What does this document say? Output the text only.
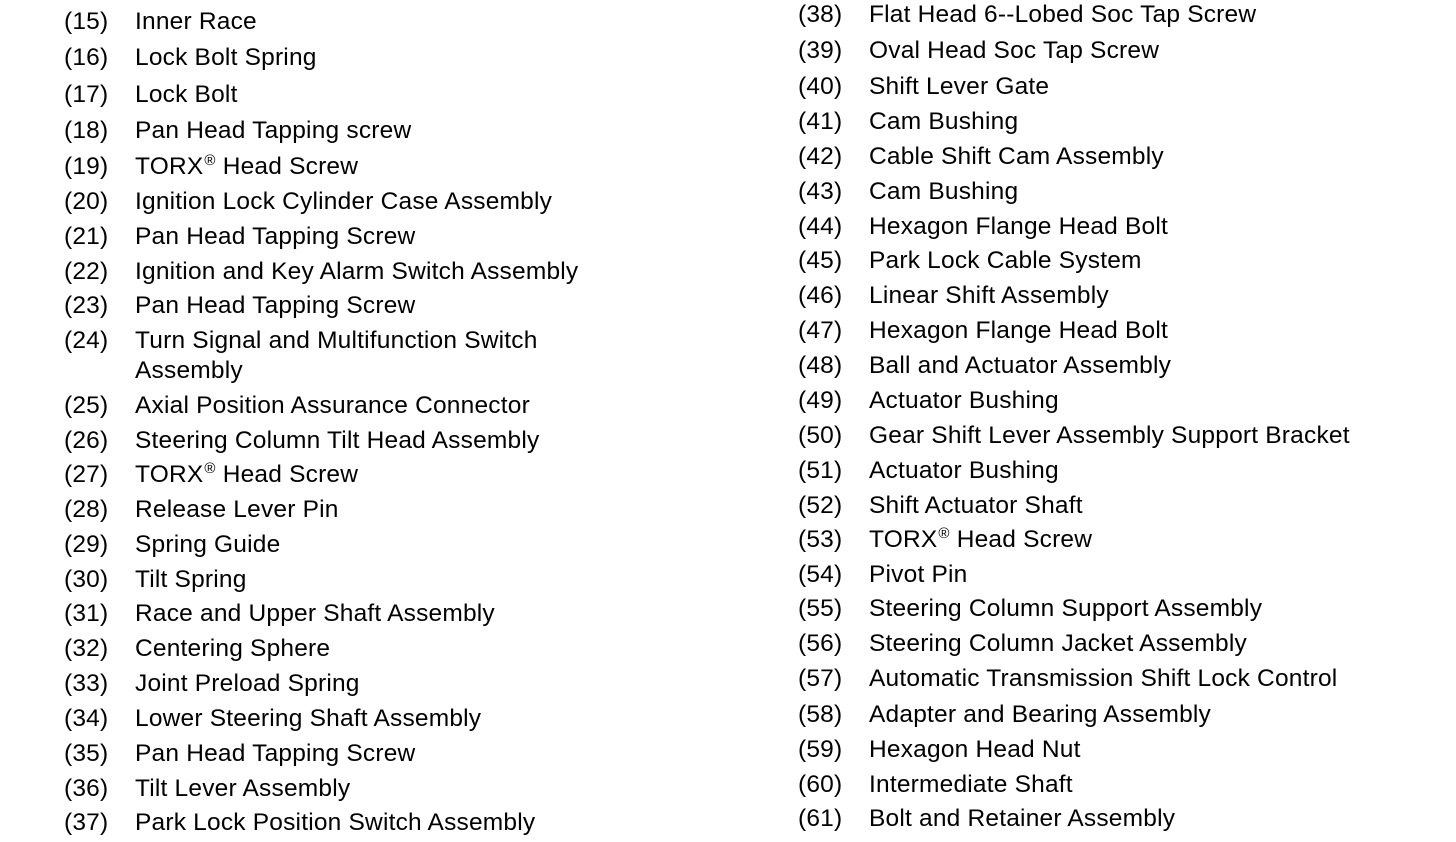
(15)	Inner Race
(16)	Lock Bolt Spring
(17)	Lock Bolt
(18)	Pan Head Tapping screw
(19)	TORX® Head Screw
(20)	Ignition Lock Cylinder Case Assembly
(21)	Pan Head Tapping Screw
(22)	Ignition and Key Alarm Switch Assembly
(23)	Pan Head Tapping Screw
(24)	Turn Signal and Multifunction Switch
Assembly
(25)	Axial Position Assurance Connector
(26)	Steering Column Tilt Head Assembly
(27)	TORX® Head Screw
(28)	Release Lever Pin
(29)	Spring Guide
(30)	Tilt Spring
(31)	Race and Upper Shaft Assembly
(32)	Centering Sphere
(33)	Joint Preload Spring
(34)	Lower Steering Shaft Assembly
(35)	Pan Head Tapping Screw
(36)	Tilt Lever Assembly
(37)	Park Lock Position Switch Assembly
(38)	Flat Head 6--Lobed Soc Tap Screw
(39)	Oval Head Soc Tap Screw
(40)	Shift Lever Gate
(41)	Cam Bushing
(42)	Cable Shift Cam Assembly
(43)	Cam Bushing
(44)	Hexagon Flange Head Bolt
(45)	Park Lock Cable System
(46)	Linear Shift Assembly
(47)	Hexagon Flange Head Bolt
(48)	Ball and Actuator Assembly
(49)	Actuator Bushing
(50)	Gear Shift Lever Assembly Support Bracket
(51)	Actuator Bushing
(52)	Shift Actuator Shaft
(53)	TORX® Head Screw
(54)	Pivot Pin
(55)	Steering Column Support Assembly
(56)	Steering Column Jacket Assembly
(57)	Automatic Transmission Shift Lock Control
(58)	Adapter and Bearing Assembly
(59)	Hexagon Head Nut
(60)	Intermediate Shaft
(61)	Bolt and Retainer Assembly
